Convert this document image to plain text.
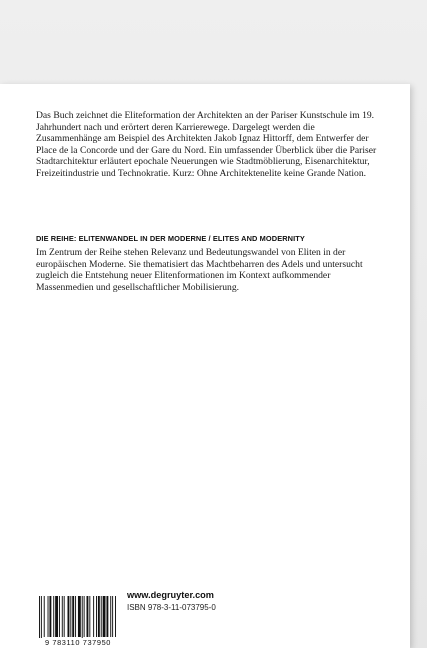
Das Buch zeichnet die Eliteformation der Architekten an der Pariser Kunstschule im 19. Jahrhundert nach und erörtert deren Karrierewege. Dargelegt werden die Zusammenhänge am Beispiel des Architekten Jakob Ignaz Hittorff, dem Entwerfer der Place de la Concorde und der Gare du Nord. Ein umfassender Überblick über die Pariser Stadtarchitektur erläutert epochale Neuerungen wie Stadtmöblierung, Eisenarchitektur, Freizeitindustrie und Technokratie. Kurz: Ohne Architektenelite keine Grande Nation.

DIE REIHE: ELITENWANDEL IN DER MODERNE / ELITES AND MODERNITY

Im Zentrum der Reihe stehen Relevanz und Bedeutungswandel von Eliten in der europäischen Moderne. Sie thematisiert das Machtbeharren des Adels und untersucht zugleich die Entstehung neuer Elitenformationen im Kontext aufkommender Massenmedien und gesellschaftlicher Mobilisierung.

9 783110 737950
www.degruyter.com
ISBN 978-3-11-073795-0
